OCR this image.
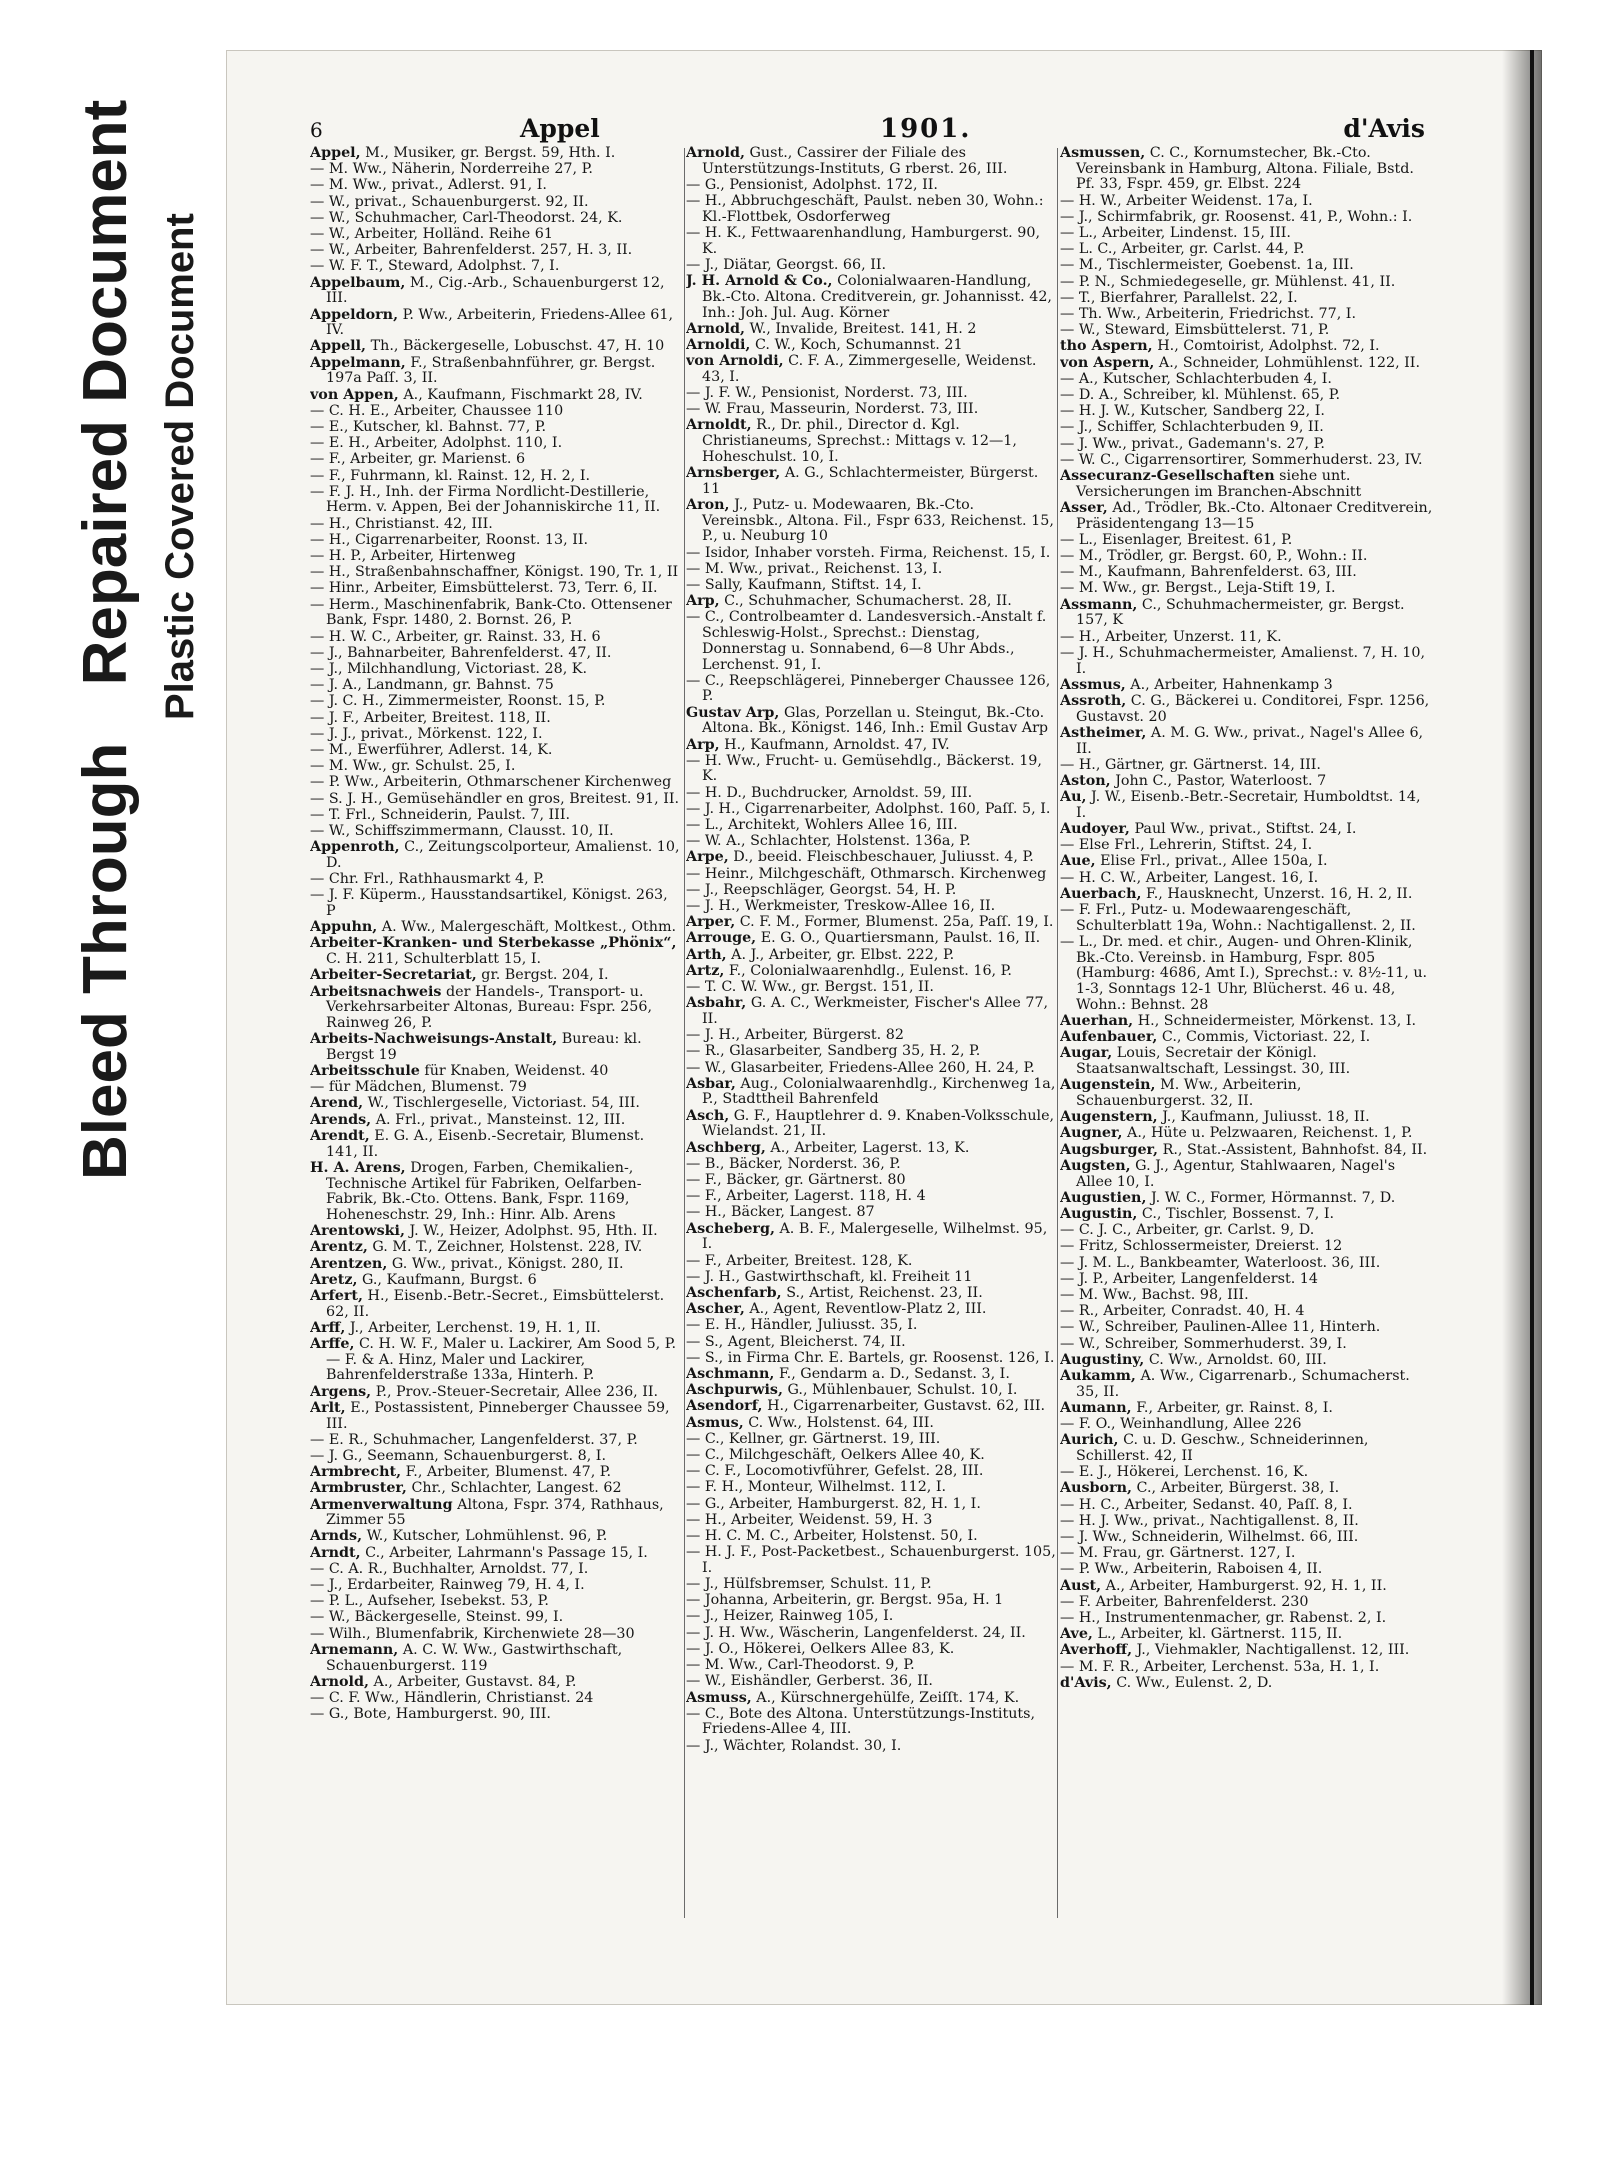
Bleed Through Repaired Document Plastic Covered Document
6	Appel	1901.	d'Avis
Appel, M., Musiker, gr. Bergst. 59, Hth. I.
— M. Ww., Näherin, Norderreihe 27, P.
— M. Ww., privat., Adlerst. 91, I.
— W., privat., Schauenburgerst. 92, II.
— W., Schuhmacher, Carl-Theodorst. 24, K.
— W., Arbeiter, Holländ. Reihe 61
— W., Arbeiter, Bahrenfelderst. 257, H. 3, II.
— W. F. T., Steward, Adolphst. 7, I.
Appelbaum, M., Cig.-Arb., Schauenburgerst 12, III.
Appeldorn, P. Ww., Arbeiterin, Friedens-Allee 61, IV.
Appell, Th., Bäckergeselle, Lobuschst. 47, H. 10
Appelmann, F., Straßenbahnführer, gr. Bergst. 197a Paſſ. 3, II.
von Appen, A., Kaufmann, Fischmarkt 28, IV.
— C. H. E., Arbeiter, Chaussee 110
— E., Kutscher, kl. Bahnst. 77, P.
— E. H., Arbeiter, Adolphst. 110, I.
— F., Arbeiter, gr. Marienst. 6
— F., Fuhrmann, kl. Rainst. 12, H. 2, I.
— F. J. H., Inh. der Firma Nordlicht-Destillerie, Herm. v. Appen, Bei der Johanniskirche 11, II.
— H., Christianst. 42, III.
— H., Cigarrenarbeiter, Roonst. 13, II.
— H. P., Arbeiter, Hirtenweg
— H., Straßenbahnschaffner, Königst. 190, Tr. 1, II
— Hinr., Arbeiter, Eimsbüttelerst. 73, Terr. 6, II.
— Herm., Maschinenfabrik, Bank-Cto. Ottensener Bank, Fspr. 1480, 2. Bornst. 26, P.
— H. W. C., Arbeiter, gr. Rainst. 33, H. 6
— J., Bahnarbeiter, Bahrenfelderst. 47, II.
— J., Milchhandlung, Victoriast. 28, K.
— J. A., Landmann, gr. Bahnst. 75
— J. C. H., Zimmermeister, Roonst. 15, P.
— J. F., Arbeiter, Breitest. 118, II.
— J. J., privat., Mörkenst. 122, I.
— M., Ewerführer, Adlerst. 14, K.
— M. Ww., gr. Schulst. 25, I.
— P. Ww., Arbeiterin, Othmarschener Kirchenweg
— S. J. H., Gemüsehändler en gros, Breitest. 91, II.
— T. Frl., Schneiderin, Paulst. 7, III.
— W., Schiffszimmermann, Clausst. 10, II.
Appenroth, C., Zeitungscolporteur, Amalienst. 10, D.
— Chr. Frl., Rathhausmarkt 4, P.
— J. F. Küperm., Hausstandsartikel, Königst. 263, P
Appuhn, A. Ww., Malergeschäft, Moltkest., Othm.
Arbeiter-Kranken- und Sterbekasse „Phönix“, C. H. 211, Schulterblatt 15, I.
Arbeiter-Secretariat, gr. Bergst. 204, I.
Arbeitsnachweis der Handels-, Transport- u. Verkehrsarbeiter Altonas, Bureau: Fspr. 256, Rainweg 26, P.
Arbeits-Nachweisungs-Anstalt, Bureau: kl. Bergst 19
Arbeitsschule für Knaben, Weidenst. 40
— für Mädchen, Blumenst. 79
Arend, W., Tischlergeselle, Victoriast. 54, III.
Arends, A. Frl., privat., Mansteinst. 12, III.
Arendt, E. G. A., Eisenb.-Secretair, Blumenst. 141, II.
H. A. Arens, Drogen, Farben, Chemikalien-, Technische Artikel für Fabriken, Oelfarben-Fabrik, Bk.-Cto. Ottens. Bank, Fspr. 1169, Hoheneschstr. 29, Inh.: Hinr. Alb. Arens
Arentowski, J. W., Heizer, Adolphst. 95, Hth. II.
Arentz, G. M. T., Zeichner, Holstenst. 228, IV.
Arentzen, G. Ww., privat., Königst. 280, II.
Aretz, G., Kaufmann, Burgst. 6
Arfert, H., Eisenb.-Betr.-Secret., Eimsbüttelerst. 62, II.
Arff, J., Arbeiter, Lerchenst. 19, H. 1, II.
Arffe, C. H. W. F., Maler u. Lackirer, Am Sood 5, P. — F. & A. Hinz, Maler und Lackirer, Bahrenfelderstraße 133a, Hinterh. P.
Argens, P., Prov.-Steuer-Secretair, Allee 236, II.
Arlt, E., Postassistent, Pinneberger Chaussee 59, III.
— E. R., Schuhmacher, Langenfelderst. 37, P.
— J. G., Seemann, Schauenburgerst. 8, I.
Armbrecht, F., Arbeiter, Blumenst. 47, P.
Armbruster, Chr., Schlachter, Langest. 62
Armenverwaltung Altona, Fspr. 374, Rathhaus, Zimmer 55
Arnds, W., Kutscher, Lohmühlenst. 96, P.
Arndt, C., Arbeiter, Lahrmann's Passage 15, I.
— C. A. R., Buchhalter, Arnoldst. 77, I.
— J., Erdarbeiter, Rainweg 79, H. 4, I.
— P. L., Aufseher, Isebekst. 53, P.
— W., Bäckergeselle, Steinst. 99, I.
— Wilh., Blumenfabrik, Kirchenwiete 28—30
Arnemann, A. C. W. Ww., Gastwirthschaft, Schauenburgerst. 119
Arnold, A., Arbeiter, Gustavst. 84, P.
— C. F. Ww., Händlerin, Christianst. 24
— G., Bote, Hamburgerst. 90, III.
Arnold, Gust., Cassirer der Filiale des Unterstützungs-Instituts, G rberst. 26, III.
— G., Pensionist, Adolphst. 172, II.
— H., Abbruchgeschäft, Paulst. neben 30, Wohn.: Kl.-Flottbek, Osdorferweg
— H. K., Fettwaarenhandlung, Hamburgerst. 90, K.
— J., Diätar, Georgst. 66, II.
J. H. Arnold & Co., Colonialwaaren-Handlung, Bk.-Cto. Altona. Creditverein, gr. Johannisst. 42, Inh.: Joh. Jul. Aug. Körner
Arnold, W., Invalide, Breitest. 141, H. 2
Arnoldi, C. W., Koch, Schumannst. 21
von Arnoldi, C. F. A., Zimmergeselle, Weidenst. 43, I.
— J. F. W., Pensionist, Norderst. 73, III.
— W. Frau, Masseurin, Norderst. 73, III.
Arnoldt, R., Dr. phil., Director d. Kgl. Christianeums, Sprechst.: Mittags v. 12—1, Hoheschulst. 10, I.
Arnsberger, A. G., Schlachtermeister, Bürgerst. 11
Aron, J., Putz- u. Modewaaren, Bk.-Cto. Vereinsbk., Altona. Fil., Fspr 633, Reichenst. 15, P., u. Neuburg 10
— Isidor, Inhaber vorsteh. Firma, Reichenst. 15, I.
— M. Ww., privat., Reichenst. 13, I.
— Sally, Kaufmann, Stiftst. 14, I.
Arp, C., Schuhmacher, Schumacherst. 28, II.
— C., Controlbeamter d. Landesversich.-Anstalt f. Schleswig-Holst., Sprechst.: Dienstag, Donnerstag u. Sonnabend, 6—8 Uhr Abds., Lerchenst. 91, I.
— C., Reepschlägerei, Pinneberger Chaussee 126, P.
Gustav Arp, Glas, Porzellan u. Steingut, Bk.-Cto. Altona. Bk., Königst. 146, Inh.: Emil Gustav Arp
Arp, H., Kaufmann, Arnoldst. 47, IV.
— H. Ww., Frucht- u. Gemüsehdlg., Bäckerst. 19, K.
— H. D., Buchdrucker, Arnoldst. 59, III.
— J. H., Cigarrenarbeiter, Adolphst. 160, Paſſ. 5, I.
— L., Architekt, Wohlers Allee 16, III.
— W. A., Schlachter, Holstenst. 136a, P.
Arpe, D., beeid. Fleischbeschauer, Juliusst. 4, P.
— Heinr., Milchgeschäft, Othmarsch. Kirchenweg
— J., Reepschläger, Georgst. 54, H. P.
— J. H., Werkmeister, Treskow-Allee 16, II.
Arper, C. F. M., Former, Blumenst. 25a, Paſſ. 19, I.
Arrouge, E. G. O., Quartiersmann, Paulst. 16, II.
Arth, A. J., Arbeiter, gr. Elbst. 222, P.
Artz, F., Colonialwaarenhdlg., Eulenst. 16, P.
— T. C. W. Ww., gr. Bergst. 151, II.
Asbahr, G. A. C., Werkmeister, Fischer's Allee 77, II.
— J. H., Arbeiter, Bürgerst. 82
— R., Glasarbeiter, Sandberg 35, H. 2, P.
— W., Glasarbeiter, Friedens-Allee 260, H. 24, P.
Asbar, Aug., Colonialwaarenhdlg., Kirchenweg 1a, P., Stadttheil Bahrenfeld
Asch, G. F., Hauptlehrer d. 9. Knaben-Volksschule, Wielandst. 21, II.
Aschberg, A., Arbeiter, Lagerst. 13, K.
— B., Bäcker, Norderst. 36, P.
— F., Bäcker, gr. Gärtnerst. 80
— F., Arbeiter, Lagerst. 118, H. 4
— H., Bäcker, Langest. 87
Ascheberg, A. B. F., Malergeselle, Wilhelmst. 95, I.
— F., Arbeiter, Breitest. 128, K.
— J. H., Gastwirthschaft, kl. Freiheit 11
Aschenfarb, S., Artist, Reichenst. 23, II.
Ascher, A., Agent, Reventlow-Platz 2, III.
— E. H., Händler, Juliusst. 35, I.
— S., Agent, Bleicherst. 74, II.
— S., in Firma Chr. E. Bartels, gr. Roosenst. 126, I.
Aschmann, F., Gendarm a. D., Sedanst. 3, I.
Aschpurwis, G., Mühlenbauer, Schulst. 10, I.
Asendorf, H., Cigarrenarbeiter, Gustavst. 62, III.
Asmus, C. Ww., Holstenst. 64, III.
— C., Kellner, gr. Gärtnerst. 19, III.
— C., Milchgeschäft, Oelkers Allee 40, K.
— C. F., Locomotivführer, Gefelst. 28, III.
— F. H., Monteur, Wilhelmst. 112, I.
— G., Arbeiter, Hamburgerst. 82, H. 1, I.
— H., Arbeiter, Weidenst. 59, H. 3
— H. C. M. C., Arbeiter, Holstenst. 50, I.
— H. J. F., Post-Packetbest., Schauenburgerst. 105, I.
— J., Hülfsbremser, Schulst. 11, P.
— Johanna, Arbeiterin, gr. Bergst. 95a, H. 1
— J., Heizer, Rainweg 105, I.
— J. H. Ww., Wäscherin, Langenfelderst. 24, II.
— J. O., Hökerei, Oelkers Allee 83, K.
— M. Ww., Carl-Theodorst. 9, P.
— W., Eishändler, Gerberst. 36, II.
Asmuss, A., Kürschnergehülfe, Zeiſſt. 174, K.
— C., Bote des Altona. Unterstützungs-Instituts, Friedens-Allee 4, III.
— J., Wächter, Rolandst. 30, I.
Asmussen, C. C., Kornumstecher, Bk.-Cto. Vereinsbank in Hamburg, Altona. Filiale, Bstd. Pf. 33, Fspr. 459, gr. Elbst. 224
— H. W., Arbeiter Weidenst. 17a, I.
— J., Schirmfabrik, gr. Roosenst. 41, P., Wohn.: I.
— L., Arbeiter, Lindenst. 15, III.
— L. C., Arbeiter, gr. Carlst. 44, P.
— M., Tischlermeister, Goebenst. 1a, III.
— P. N., Schmiedegeselle, gr. Mühlenst. 41, II.
— T., Bierfahrer, Parallelst. 22, I.
— Th. Ww., Arbeiterin, Friedrichst. 77, I.
— W., Steward, Eimsbüttelerst. 71, P.
tho Aspern, H., Comtoirist, Adolphst. 72, I.
von Aspern, A., Schneider, Lohmühlenst. 122, II.
— A., Kutscher, Schlachterbuden 4, I.
— D. A., Schreiber, kl. Mühlenst. 65, P.
— H. J. W., Kutscher, Sandberg 22, I.
— J., Schiffer, Schlachterbuden 9, II.
— J. Ww., privat., Gademann's. 27, P.
— W. C., Cigarrensortirer, Sommerhuderst. 23, IV.
Assecuranz-Gesellschaften siehe unt. Versicherungen im Branchen-Abschnitt
Asser, Ad., Trödler, Bk.-Cto. Altonaer Creditverein, Präsidentengang 13—15
— L., Eisenlager, Breitest. 61, P.
— M., Trödler, gr. Bergst. 60, P., Wohn.: II.
— M., Kaufmann, Bahrenfelderst. 63, III.
— M. Ww., gr. Bergst., Leja-Stift 19, I.
Assmann, C., Schuhmachermeister, gr. Bergst. 157, K
— H., Arbeiter, Unzerst. 11, K.
— J. H., Schuhmachermeister, Amalienst. 7, H. 10, I.
Assmus, A., Arbeiter, Hahnenkamp 3
Assroth, C. G., Bäckerei u. Conditorei, Fspr. 1256, Gustavst. 20
Astheimer, A. M. G. Ww., privat., Nagel's Allee 6, II.
— H., Gärtner, gr. Gärtnerst. 14, III.
Aston, John C., Pastor, Waterloost. 7
Au, J. W., Eisenb.-Betr.-Secretair, Humboldtst. 14, I.
Audoyer, Paul Ww., privat., Stiftst. 24, I.
— Else Frl., Lehrerin, Stiftst. 24, I.
Aue, Elise Frl., privat., Allee 150a, I.
— H. C. W., Arbeiter, Langest. 16, I.
Auerbach, F., Hausknecht, Unzerst. 16, H. 2, II.
— F. Frl., Putz- u. Modewaarengeschäft, Schulterblatt 19a, Wohn.: Nachtigallenst. 2, II.
— L., Dr. med. et chir., Augen- und Ohren-Klinik, Bk.-Cto. Vereinsb. in Hamburg, Fspr. 805 (Hamburg: 4686, Amt I.), Sprechst.: v. 8½-11, u. 1-3, Sonntags 12-1 Uhr, Blücherst. 46 u. 48, Wohn.: Behnst. 28
Auerhan, H., Schneidermeister, Mörkenst. 13, I.
Aufenbauer, C., Commis, Victoriast. 22, I.
Augar, Louis, Secretair der Königl. Staatsanwaltschaft, Lessingst. 30, III.
Augenstein, M. Ww., Arbeiterin, Schauenburgerst. 32, II.
Augenstern, J., Kaufmann, Juliusst. 18, II.
Augner, A., Hüte u. Pelzwaaren, Reichenst. 1, P.
Augsburger, R., Stat.-Assistent, Bahnhofst. 84, II.
Augsten, G. J., Agentur, Stahlwaaren, Nagel's Allee 10, I.
Augustien, J. W. C., Former, Hörmannst. 7, D.
Augustin, C., Tischler, Bossenst. 7, I.
— C. J. C., Arbeiter, gr. Carlst. 9, D.
— Fritz, Schlossermeister, Dreierst. 12
— J. M. L., Bankbeamter, Waterloost. 36, III.
— J. P., Arbeiter, Langenfelderst. 14
— M. Ww., Bachst. 98, III.
— R., Arbeiter, Conradst. 40, H. 4
— W., Schreiber, Paulinen-Allee 11, Hinterh.
— W., Schreiber, Sommerhuderst. 39, I.
Augustiny, C. Ww., Arnoldst. 60, III.
Aukamm, A. Ww., Cigarrenarb., Schumacherst. 35, II.
Aumann, F., Arbeiter, gr. Rainst. 8, I.
— F. O., Weinhandlung, Allee 226
Aurich, C. u. D. Geschw., Schneiderinnen, Schillerst. 42, II
— E. J., Hökerei, Lerchenst. 16, K.
Ausborn, C., Arbeiter, Bürgerst. 38, I.
— H. C., Arbeiter, Sedanst. 40, Paſſ. 8, I.
— H. J. Ww., privat., Nachtigallenst. 8, II.
— J. Ww., Schneiderin, Wilhelmst. 66, III.
— M. Frau, gr. Gärtnerst. 127, I.
— P. Ww., Arbeiterin, Raboisen 4, II.
Aust, A., Arbeiter, Hamburgerst. 92, H. 1, II.
— F. Arbeiter, Bahrenfelderst. 230
— H., Instrumentenmacher, gr. Rabenst. 2, I.
Ave, L., Arbeiter, kl. Gärtnerst. 115, II.
Averhoff, J., Viehmakler, Nachtigallenst. 12, III.
— M. F. R., Arbeiter, Lerchenst. 53a, H. 1, I.
d'Avis, C. Ww., Eulenst. 2, D.
